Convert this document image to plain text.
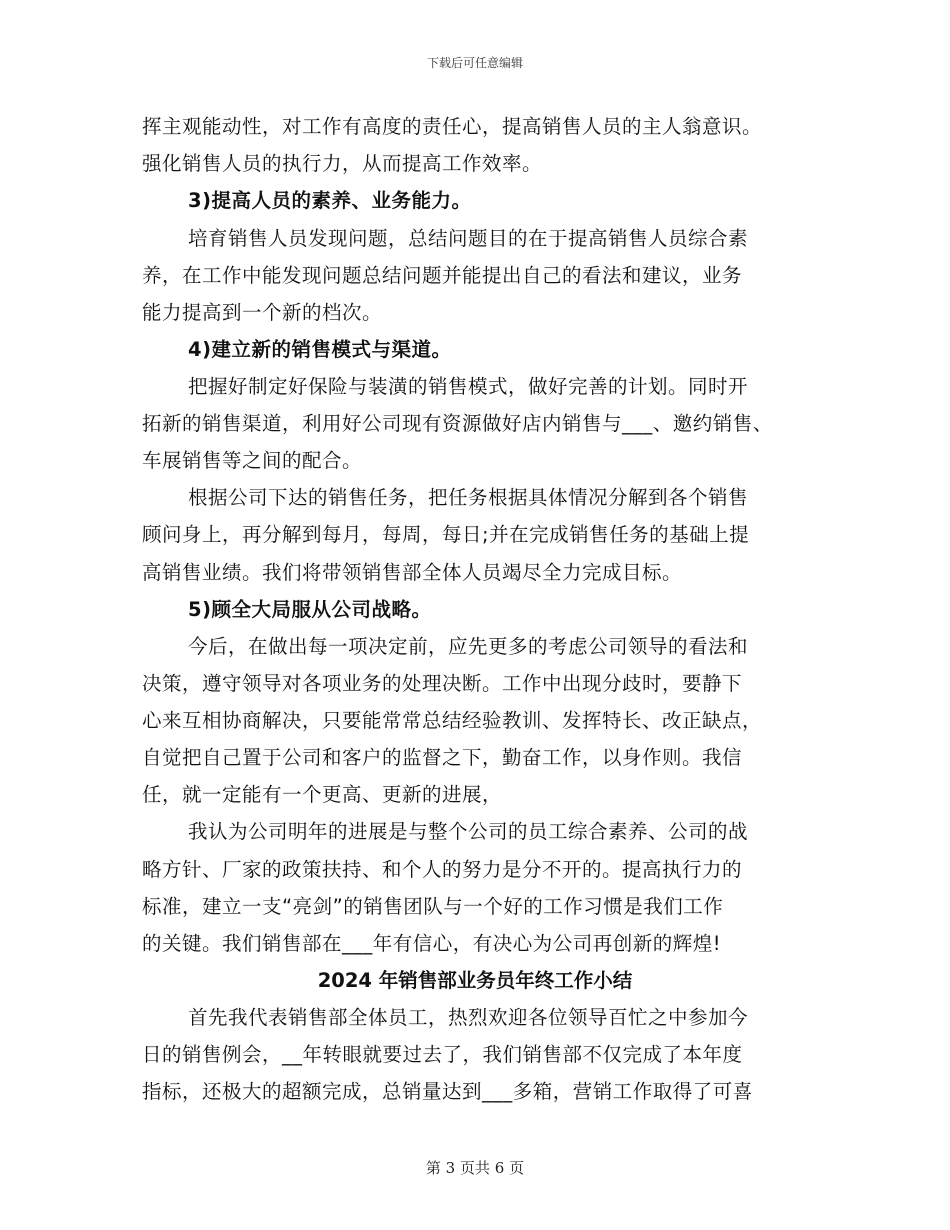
下载后可任意编辑
挥主观能动性，对工作有高度的责任心，提高销售人员的主人翁意识。
强化销售人员的执行力，从而提高工作效率。
3)提高人员的素养、业务能力。
培育销售人员发现问题，总结问题目的在于提高销售人员综合素
养，在工作中能发现问题总结问题并能提出自己的看法和建议，业务
能力提高到一个新的档次。
4)建立新的销售模式与渠道。
把握好制定好保险与装潢的销售模式，做好完善的计划。同时开
拓新的销售渠道，利用好公司现有资源做好店内销售与___、邀约销售、
车展销售等之间的配合。
根据公司下达的销售任务，把任务根据具体情况分解到各个销售
顾问身上，再分解到每月，每周，每日;并在完成销售任务的基础上提
高销售业绩。我们将带领销售部全体人员竭尽全力完成目标。
5)顾全大局服从公司战略。
今后，在做出每一项决定前，应先更多的考虑公司领导的看法和
决策，遵守领导对各项业务的处理决断。工作中出现分歧时，要静下
心来互相协商解决，只要能常常总结经验教训、发挥特长、改正缺点，
自觉把自己置于公司和客户的监督之下，勤奋工作，以身作则。我信
任，就一定能有一个更高、更新的进展，
我认为公司明年的进展是与整个公司的员工综合素养、公司的战
略方针、厂家的政策扶持、和个人的努力是分不开的。提高执行力的
标准，建立一支“亮剑”的销售团队与一个好的工作习惯是我们工作
的关键。我们销售部在___年有信心，有决心为公司再创新的辉煌!
2024 年销售部业务员年终工作小结
首先我代表销售部全体员工，热烈欢迎各位领导百忙之中参加今
日的销售例会，__年转眼就要过去了，我们销售部不仅完成了本年度
指标，还极大的超额完成，总销量达到___多箱，营销工作取得了可喜
第 3 页共 6 页
